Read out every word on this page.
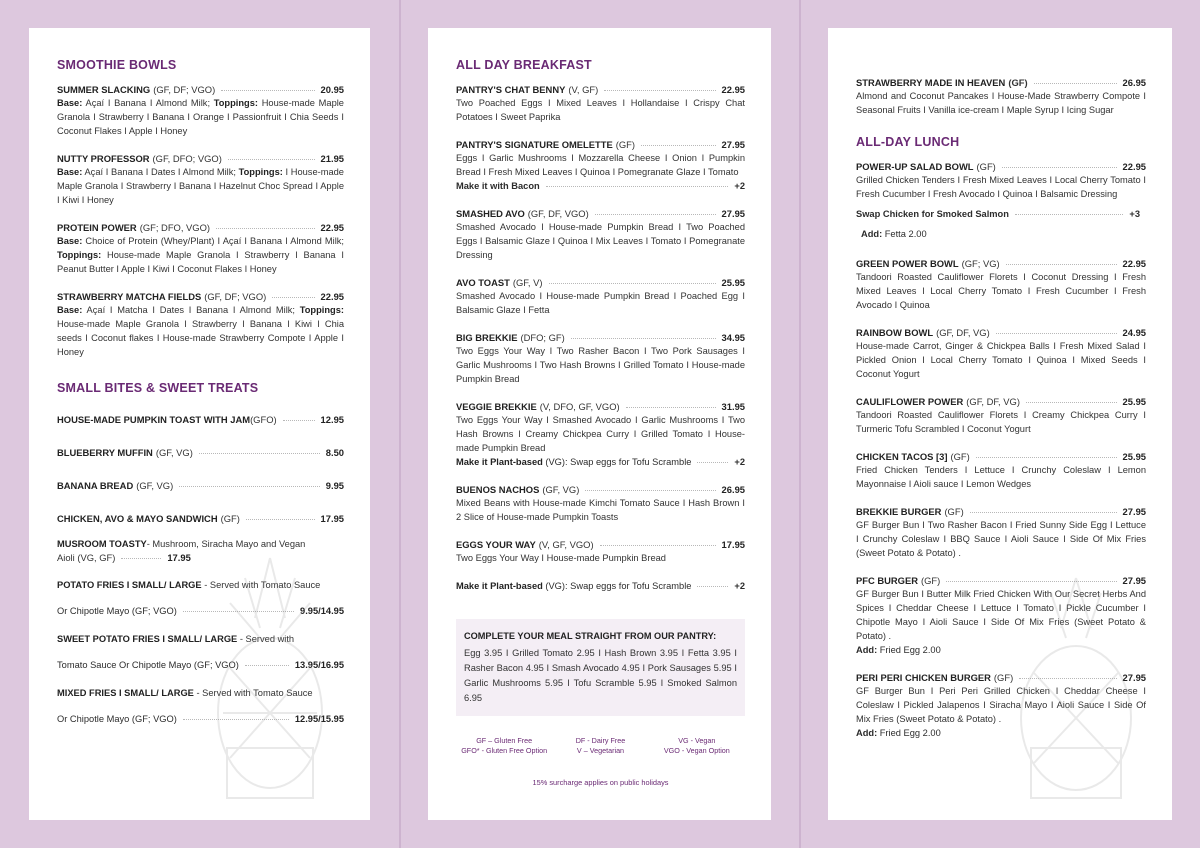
SMOOTHIE BOWLS
SUMMER SLACKING (GF, DF; VGO)	20.95
Base: Açaí I Banana I Almond Milk; Toppings: House-made Maple Granola I Strawberry I Banana I Orange I Passionfruit I Chia Seeds I Coconut Flakes I Apple I Honey
NUTTY PROFESSOR (GF, DFO; VGO)	21.95
Base: Açaí I Banana I Dates I Almond Milk; Toppings: I House-made Maple Granola I Strawberry I Banana I Hazelnut Choc Spread I Apple I Kiwi I Honey
PROTEIN POWER (GF; DFO, VGO)	22.95
Base: Choice of Protein (Whey/Plant) I Açaí I Banana I Almond Milk; Toppings: House-made Maple Granola I Strawberry I Banana I Peanut Butter I Apple I Kiwi I Coconut Flakes I Honey
STRAWBERRY MATCHA FIELDS (GF, DF; VGO)	22.95
Base: Açaí I Matcha I Dates I Banana I Almond Milk; Toppings: House-made Maple Granola I Strawberry I Banana I Kiwi I Chia seeds I Coconut flakes I House-made Strawberry Compote I Apple I Honey
SMALL BITES & SWEET TREATS
HOUSE-MADE PUMPKIN TOAST WITH JAM (GFO)	12.95
BLUEBERRY MUFFIN (GF, VG)	8.50
BANANA BREAD (GF, VG)	9.95
CHICKEN, AVO & MAYO SANDWICH (GF)	17.95
MUSROOM TOASTY- Mushroom, Siracha Mayo and Vegan
Aioli (VG, GF)	17.95
POTATO FRIES I SMALL/ LARGE - Served with Tomato Sauce
Or Chipotle Mayo (GF; VGO)	9.95/14.95
SWEET POTATO FRIES I SMALL/ LARGE - Served with
Tomato Sauce Or Chipotle Mayo (GF; VGO)	13.95/16.95
MIXED FRIES I SMALL/ LARGE - Served with Tomato Sauce
Or Chipotle Mayo (GF; VGO)	12.95/15.95
ALL DAY BREAKFAST
PANTRY'S CHAT BENNY (V, GF)	22.95
Two Poached Eggs I Mixed Leaves I Hollandaise I Crispy Chat Potatoes I Sweet Paprika
PANTRY'S SIGNATURE OMELETTE (GF)	27.95
Eggs I Garlic Mushrooms I Mozzarella Cheese I Onion I Pumpkin Bread I Fresh Mixed Leaves I Quinoa I Pomegranate Glaze I Tomato
Make it with Bacon	+2
SMASHED AVO (GF, DF, VGO)	27.95
Smashed Avocado I House-made Pumpkin Bread I Two Poached Eggs I Balsamic Glaze I Quinoa I Mix Leaves I Tomato I Pomegranate Dressing
AVO TOAST (GF, V)	25.95
Smashed Avocado I House-made Pumpkin Bread I Poached Egg I Balsamic Glaze I Fetta
BIG BREKKIE (DFO; GF)	34.95
Two Eggs Your Way I Two Rasher Bacon I Two Pork Sausages I Garlic Mushrooms I Two Hash Browns I Grilled Tomato I House-made Pumpkin Bread
VEGGIE BREKKIE (V, DFO, GF, VGO)	31.95
Two Eggs Your Way I Smashed Avocado I Garlic Mushrooms I Two Hash Browns I Creamy Chickpea Curry I Grilled Tomato I House-made Pumpkin Bread
Make it Plant-based (VG): Swap eggs for Tofu Scramble	+2
BUENOS NACHOS (GF, VG)	26.95
Mixed Beans with House-made Kimchi Tomato Sauce I Hash Brown I 2 Slice of House-made Pumpkin Toasts
EGGS YOUR WAY (V, GF, VGO)	17.95
Two Eggs Your Way I House-made Pumpkin Bread
Make it Plant-based (VG): Swap eggs for Tofu Scramble	+2
COMPLETE YOUR MEAL STRAIGHT FROM OUR PANTRY:
Egg 3.95 I Grilled Tomato 2.95 I Hash Brown 3.95 I Fetta 3.95 I Rasher Bacon 4.95 I Smash Avocado 4.95 I Pork Sausages 5.95 I Garlic Mushrooms 5.95 I Tofu Scramble 5.95 I Smoked Salmon 6.95
GF – Gluten Free
GFO* - Gluten Free Option
DF - Dairy Free
V – Vegetarian
VG - Vegan
VGO - Vegan Option
15% surcharge applies on public holidays
STRAWBERRY MADE IN HEAVEN (GF)	26.95
Almond and Coconut Pancakes I House-Made Strawberry Compote I Seasonal Fruits I Vanilla ice-cream I Maple Syrup I Icing Sugar
ALL-DAY LUNCH
POWER-UP SALAD BOWL (GF)	22.95
Grilled Chicken Tenders I Fresh Mixed Leaves I Local Cherry Tomato I Fresh Cucumber I Fresh Avocado I Quinoa I Balsamic Dressing
Swap Chicken for Smoked Salmon	+3
Add: Fetta 2.00
GREEN POWER BOWL (GF; VG)	22.95
Tandoori Roasted Cauliflower Florets I Coconut Dressing I Fresh Mixed Leaves I Local Cherry Tomato I Fresh Cucumber I Fresh Avocado I Quinoa
RAINBOW BOWL (GF, DF, VG)	24.95
House-made Carrot, Ginger & Chickpea Balls I Fresh Mixed Salad I Pickled Onion I Local Cherry Tomato I Quinoa I Mixed Seeds I Coconut Yogurt
CAULIFLOWER POWER (GF, DF, VG)	25.95
Tandoori Roasted Cauliflower Florets I Creamy Chickpea Curry I Turmeric Tofu Scrambled I Coconut Yogurt
CHICKEN TACOS [3] (GF)	25.95
Fried Chicken Tenders I Lettuce I Crunchy Coleslaw I Lemon Mayonnaise I Aioli sauce I Lemon Wedges
BREKKIE BURGER (GF)	27.95
GF Burger Bun I Two Rasher Bacon I Fried Sunny Side Egg I Lettuce I Crunchy Coleslaw I BBQ Sauce I Aioli Sauce I Side Of Mix Fries (Sweet Potato & Potato) .
PFC BURGER (GF)	27.95
GF Burger Bun I Butter Milk Fried Chicken With Our Secret Herbs And Spices I Cheddar Cheese I Lettuce I Tomato I Pickle Cucumber I Chipotle Mayo I Aioli Sauce I Side Of Mix Fries (Sweet Potato & Potato) .
Add: Fried Egg 2.00
PERI PERI CHICKEN BURGER (GF)	27.95
GF Burger Bun I Peri Peri Grilled Chicken I Cheddar Cheese I Coleslaw I Pickled Jalapenos I Siracha Mayo I Aioli Sauce I Side Of Mix Fries (Sweet Potato & Potato) .
Add: Fried Egg 2.00
